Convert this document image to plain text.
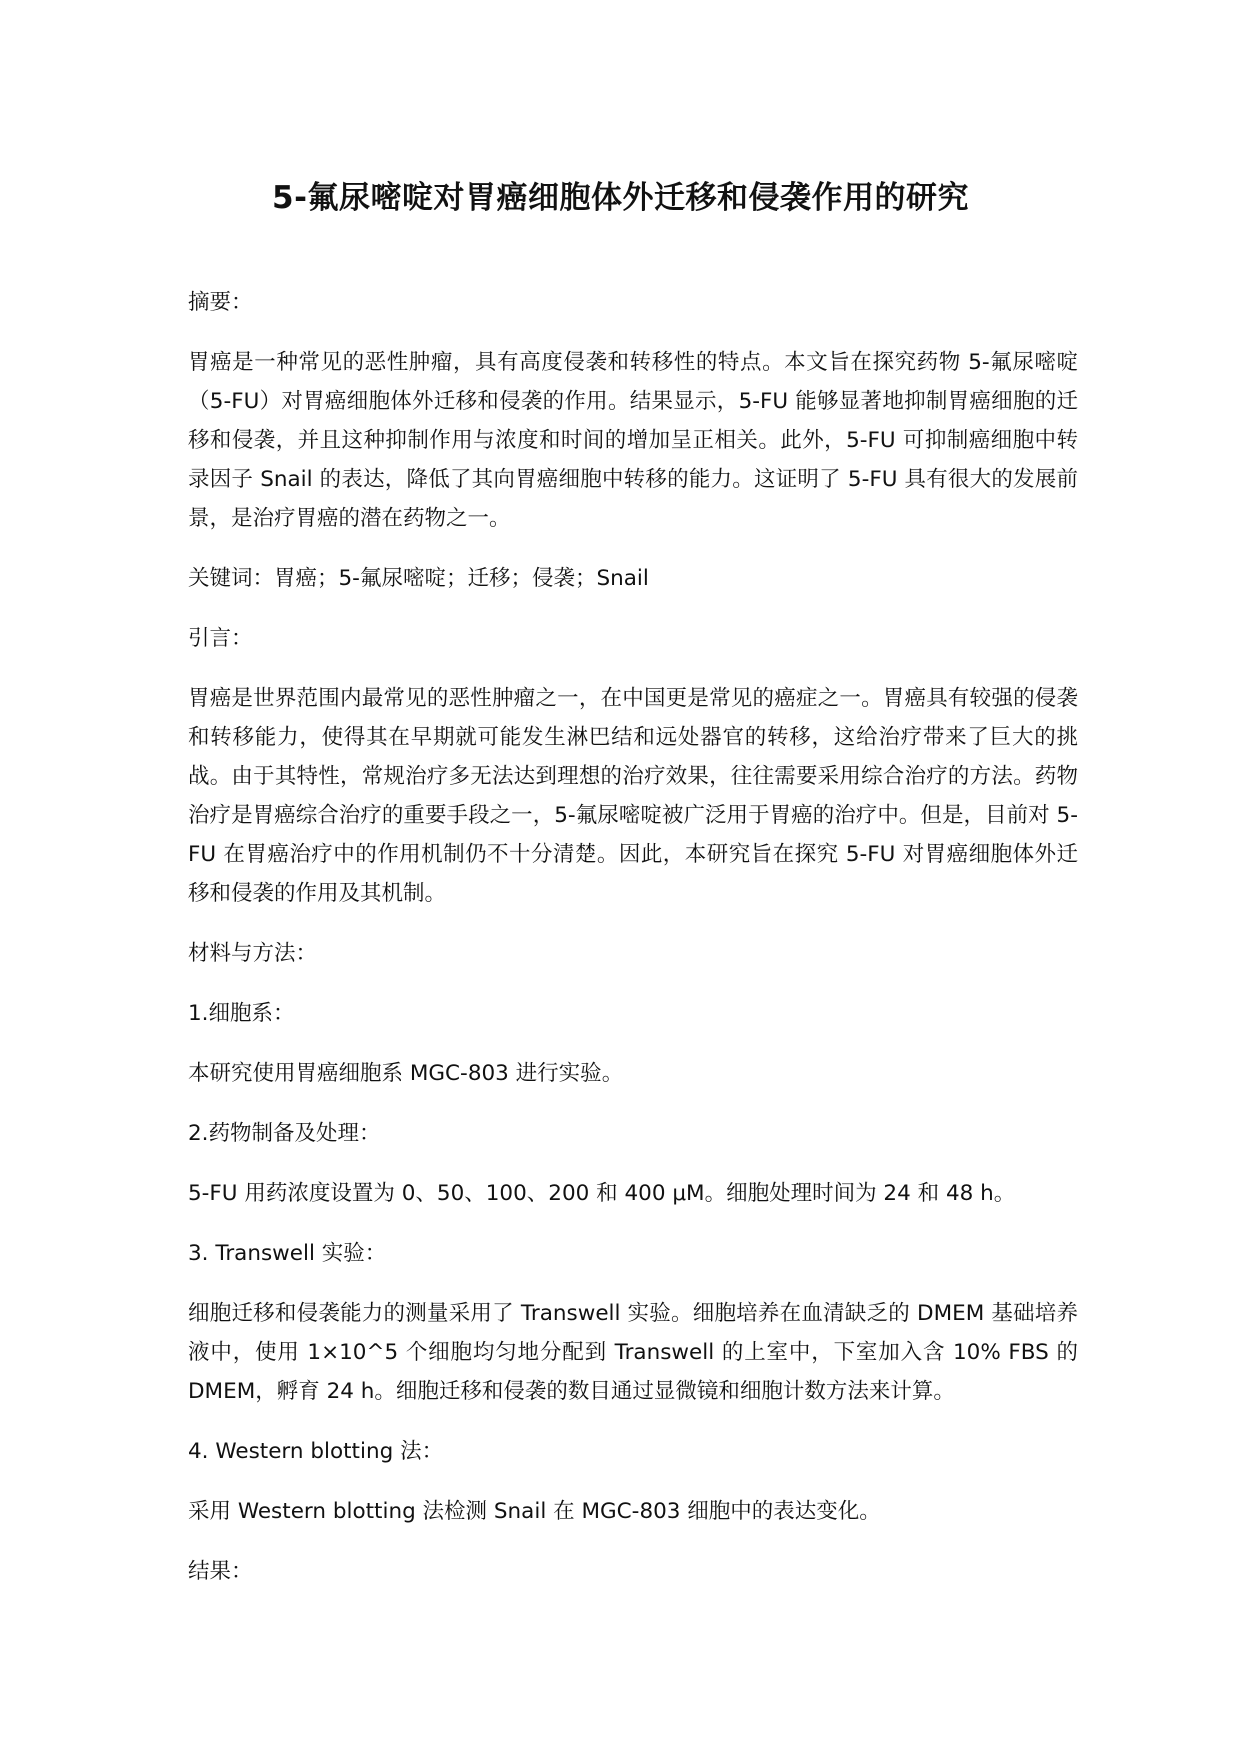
5-氟尿嘧啶对胃癌细胞体外迁移和侵袭作用的研究

摘要：

胃癌是一种常见的恶性肿瘤，具有高度侵袭和转移性的特点。本文旨在探究药物 5-氟尿嘧啶（5-FU）对胃癌细胞体外迁移和侵袭的作用。结果显示，5-FU 能够显著地抑制胃癌细胞的迁移和侵袭，并且这种抑制作用与浓度和时间的增加呈正相关。此外，5-FU 可抑制癌细胞中转录因子 Snail 的表达，降低了其向胃癌细胞中转移的能力。这证明了 5-FU 具有很大的发展前景，是治疗胃癌的潜在药物之一。

关键词：胃癌；5-氟尿嘧啶；迁移；侵袭；Snail

引言：

胃癌是世界范围内最常见的恶性肿瘤之一，在中国更是常见的癌症之一。胃癌具有较强的侵袭和转移能力，使得其在早期就可能发生淋巴结和远处器官的转移，这给治疗带来了巨大的挑战。由于其特性，常规治疗多无法达到理想的治疗效果，往往需要采用综合治疗的方法。药物治疗是胃癌综合治疗的重要手段之一，5-氟尿嘧啶被广泛用于胃癌的治疗中。但是，目前对 5-FU 在胃癌治疗中的作用机制仍不十分清楚。因此，本研究旨在探究 5-FU 对胃癌细胞体外迁移和侵袭的作用及其机制。

材料与方法：

1.细胞系：

本研究使用胃癌细胞系 MGC-803 进行实验。

2.药物制备及处理：

5-FU 用药浓度设置为 0、50、100、200 和 400 μM。细胞处理时间为 24 和 48 h。

3. Transwell 实验：

细胞迁移和侵袭能力的测量采用了 Transwell 实验。细胞培养在血清缺乏的 DMEM 基础培养液中，使用 1×10^5 个细胞均匀地分配到 Transwell 的上室中，下室加入含 10% FBS 的 DMEM，孵育 24 h。细胞迁移和侵袭的数目通过显微镜和细胞计数方法来计算。

4. Western blotting 法：

采用 Western blotting 法检测 Snail 在 MGC-803 细胞中的表达变化。

结果：
